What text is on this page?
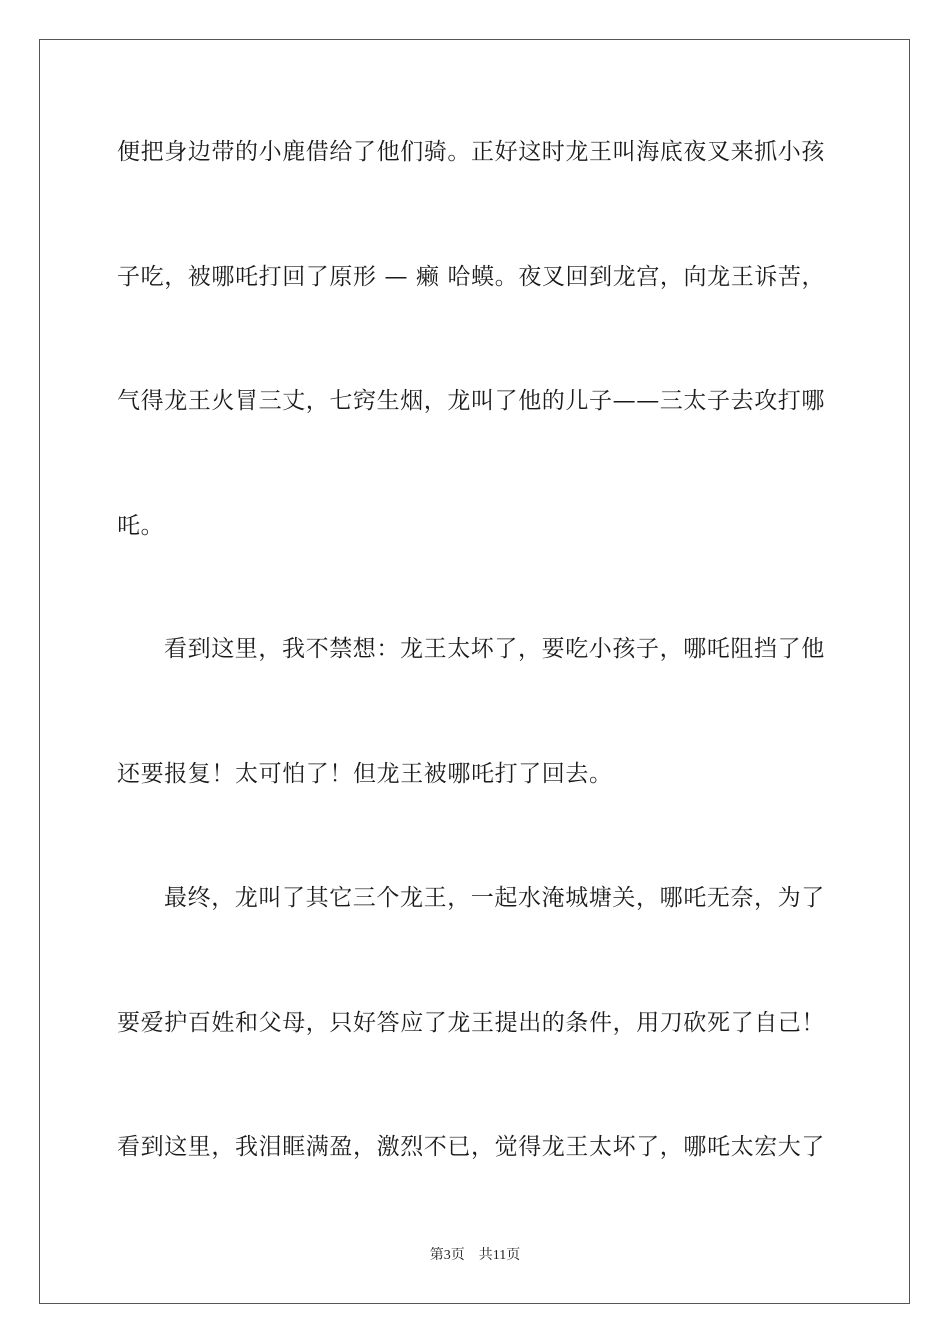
便把身边带的小鹿借给了他们骑。正好这时龙王叫海底夜叉来抓小孩
子吃，被哪吒打回了原形 — 癞 哈蟆。夜叉回到龙宫，向龙王诉苦，
气得龙王火冒三丈，七窍生烟，龙叫了他的儿子——三太子去攻打哪
吒。
看到这里，我不禁想：龙王太坏了，要吃小孩子，哪吒阻挡了他
还要报复！太可怕了！但龙王被哪吒打了回去。
最终，龙叫了其它三个龙王，一起水淹城塘关，哪吒无奈，为了
要爱护百姓和父母，只好答应了龙王提出的条件，用刀砍死了自己！
看到这里，我泪眶满盈，激烈不已，觉得龙王太坏了，哪吒太宏大了
第3页 共11页
